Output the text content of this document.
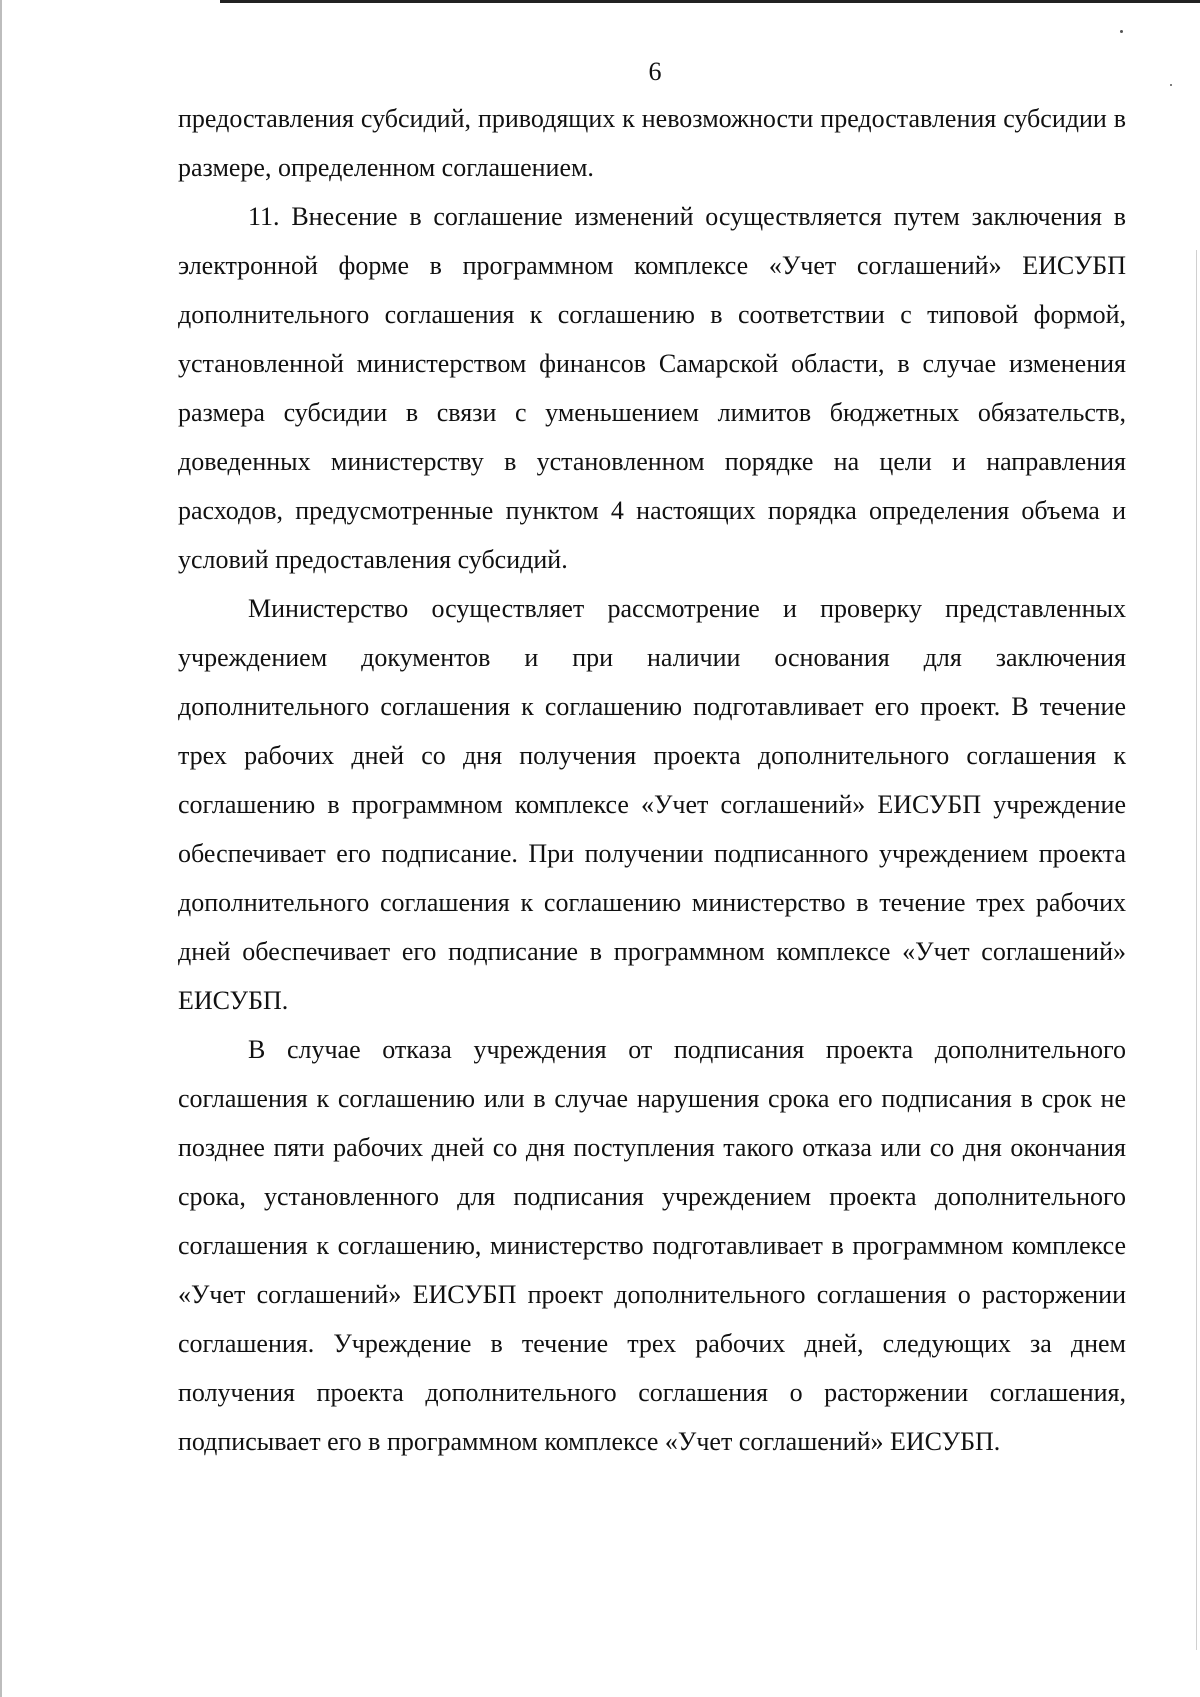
6

предоставления субсидий, приводящих к невозможности предоставления субсидии в размере, определенном соглашением.

11. Внесение в соглашение изменений осуществляется путем заключения в электронной форме в программном комплексе «Учет соглашений» ЕИСУБП дополнительного соглашения к соглашению в соответствии с типовой формой, установленной министерством финансов Самарской области, в случае изменения размера субсидии в связи с уменьшением лимитов бюджетных обязательств, доведенных министерству в установленном порядке на цели и направления расходов, предусмотренные пунктом 4 настоящих порядка определения объема и условий предоставления субсидий.

Министерство осуществляет рассмотрение и проверку представленных учреждением документов и при наличии основания для заключения дополнительного соглашения к соглашению подготавливает его проект. В течение трех рабочих дней со дня получения проекта дополнительного соглашения к соглашению в программном комплексе «Учет соглашений» ЕИСУБП учреждение обеспечивает его подписание. При получении подписанного учреждением проекта дополнительного соглашения к соглашению министерство в течение трех рабочих дней обеспечивает его подписание в программном комплексе «Учет соглашений» ЕИСУБП.

В случае отказа учреждения от подписания проекта дополнительного соглашения к соглашению или в случае нарушения срока его подписания в срок не позднее пяти рабочих дней со дня поступления такого отказа или со дня окончания срока, установленного для подписания учреждением проекта дополнительного соглашения к соглашению, министерство подготавливает в программном комплексе «Учет соглашений» ЕИСУБП проект дополнительного соглашения о расторжении соглашения. Учреждение в течение трех рабочих дней, следующих за днем получения проекта дополнительного соглашения о расторжении соглашения, подписывает его в программном комплексе «Учет соглашений» ЕИСУБП.
